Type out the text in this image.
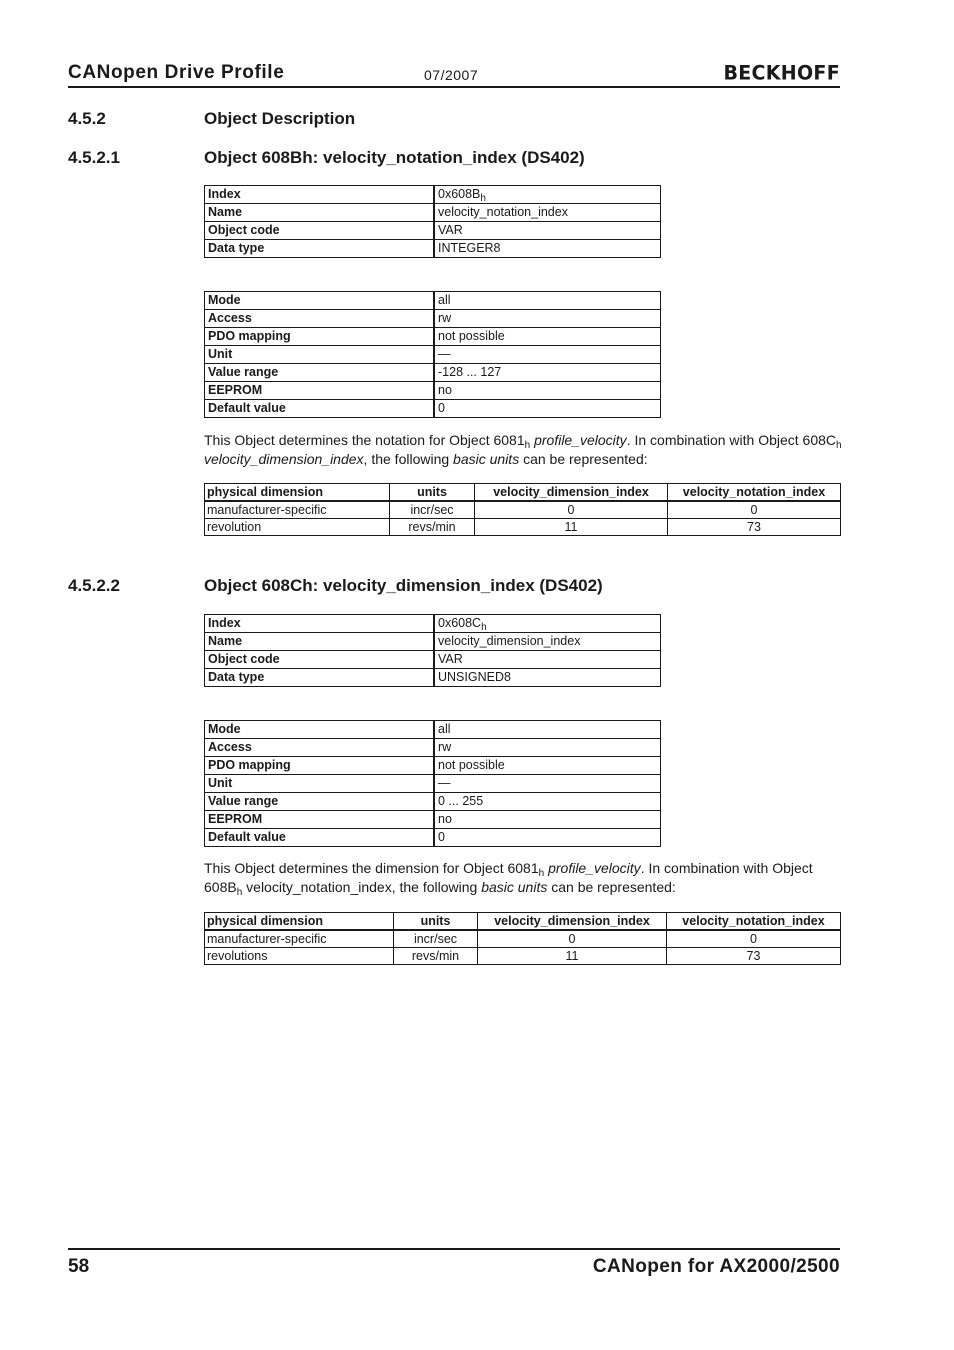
CANopen Drive Profile	07/2007	BECKHOFF
4.5.2	Object Description
4.5.2.1	Object 608Bh: velocity_notation_index (DS402)
Index	$0x608B_h$
Name	velocity_notation_index
Object code	VAR
Data type	INTEGER8
Mode	all
Access	rw
PDO mapping	not possible
Unit	—
Value range	-128 ... 127
EEPROM	no
Default value	0
This Object determines the notation for Object $6081_h$ profile_velocity. In combination with Object $608C_h$ velocity_dimension_index, the following basic units can be represented:
physical dimension	units	velocity_dimension_index	velocity_notation_index
manufacturer-specific	incr/sec	0	0
revolution	revs/min	11	73
4.5.2.2	Object 608Ch: velocity_dimension_index (DS402)
Index	$0x608C_h$
Name	velocity_dimension_index
Object code	VAR
Data type	UNSIGNED8
Mode	all
Access	rw
PDO mapping	not possible
Unit	—
Value range	0 ... 255
EEPROM	no
Default value	0
This Object determines the dimension for Object $6081_h$ profile_velocity. In combination with Object $608B_h$ velocity_notation_index, the following basic units can be represented:
physical dimension	units	velocity_dimension_index	velocity_notation_index
manufacturer-specific	incr/sec	0	0
revolutions	revs/min	11	73
58	CANopen for AX2000/2500
